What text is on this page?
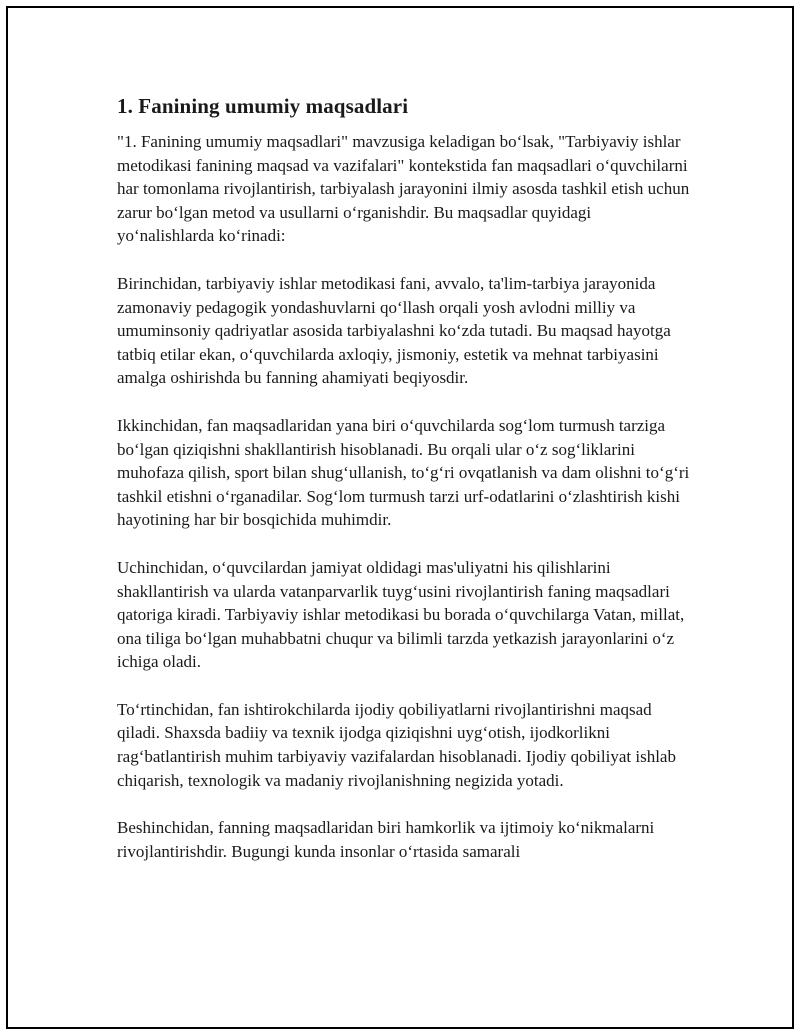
1. Fanining umumiy maqsadlari

"1. Fanining umumiy maqsadlari" mavzusiga keladigan bo‘lsak, "Tarbiyaviy ishlar metodikasi fanining maqsad va vazifalari" kontekstida fan maqsadlari o‘quvchilarni har tomonlama rivojlantirish, tarbiyalash jarayonini ilmiy asosda tashkil etish uchun zarur bo‘lgan metod va usullarni o‘rganishdir. Bu maqsadlar quyidagi yo‘nalishlarda ko‘rinadi:

Birinchidan, tarbiyaviy ishlar metodikasi fani, avvalo, ta'lim-tarbiya jarayonida zamonaviy pedagogik yondashuvlarni qo‘llash orqali yosh avlodni milliy va umuminsoniy qadriyatlar asosida tarbiyalashni ko‘zda tutadi. Bu maqsad hayotga tatbiq etilar ekan, o‘quvchilarda axloqiy, jismoniy, estetik va mehnat tarbiyasini amalga oshirishda bu fanning ahamiyati beqiyosdir.

Ikkinchidan, fan maqsadlaridan yana biri o‘quvchilarda sog‘lom turmush tarziga bo‘lgan qiziqishni shakllantirish hisoblanadi. Bu orqali ular o‘z sog‘liklarini muhofaza qilish, sport bilan shug‘ullanish, to‘g‘ri ovqatlanish va dam olishni to‘g‘ri tashkil etishni o‘rganadilar. Sog‘lom turmush tarzi urf-odatlarini o‘zlashtirish kishi hayotining har bir bosqichida muhimdir.

Uchinchidan, o‘quvcilardan jamiyat oldidagi mas'uliyatni his qilishlarini shakllantirish va ularda vatanparvarlik tuyg‘usini rivojlantirish faning maqsadlari qatoriga kiradi. Tarbiyaviy ishlar metodikasi bu borada o‘quvchilarga Vatan, millat, ona tiliga bo‘lgan muhabbatni chuqur va bilimli tarzda yetkazish jarayonlarini o‘z ichiga oladi.

To‘rtinchidan, fan ishtirokchilarda ijodiy qobiliyatlarni rivojlantirishni maqsad qiladi. Shaxsda badiiy va texnik ijodga qiziqishni uyg‘otish, ijodkorlikni rag‘batlantirish muhim tarbiyaviy vazifalardan hisoblanadi. Ijodiy qobiliyat ishlab chiqarish, texnologik va madaniy rivojlanishning negizida yotadi.

Beshinchidan, fanning maqsadlaridan biri hamkorlik va ijtimoiy ko‘nikmalarni rivojlantirishdir. Bugungi kunda insonlar o‘rtasida samarali
